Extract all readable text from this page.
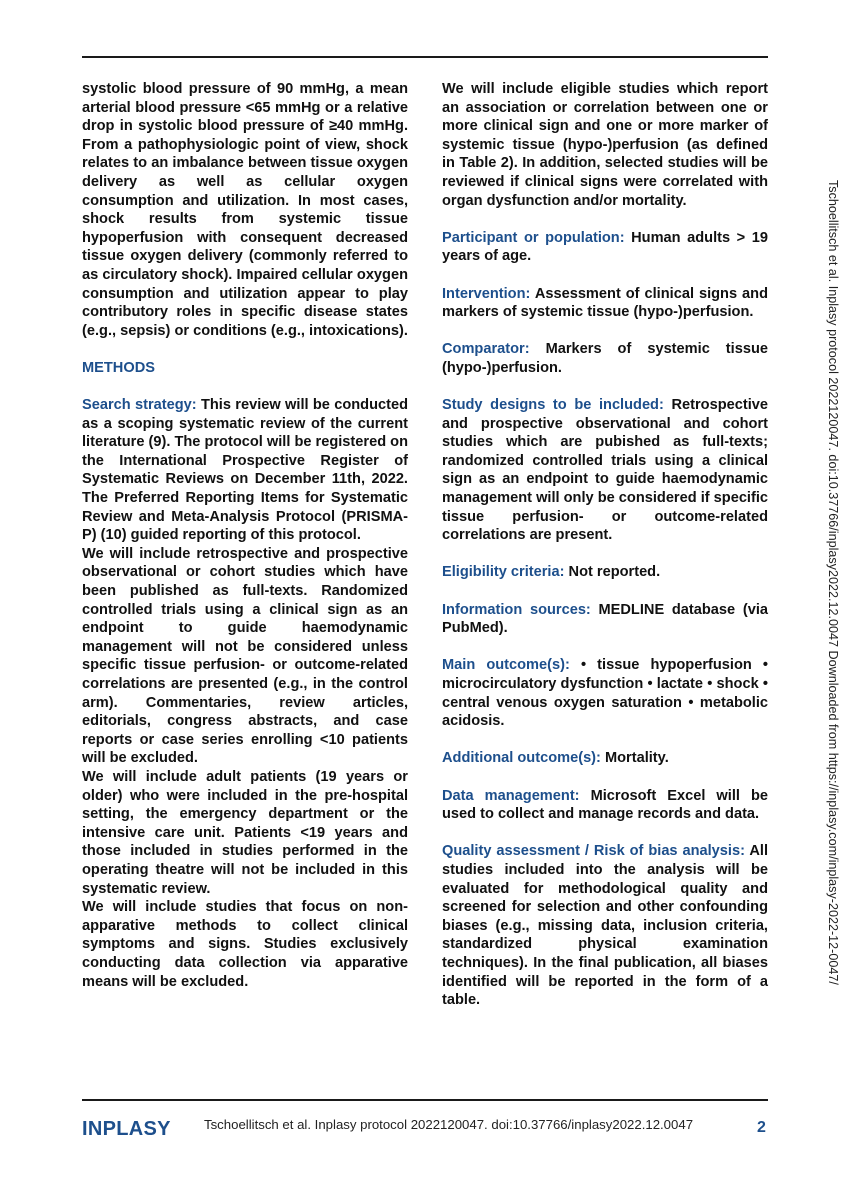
systolic blood pressure of 90 mmHg, a mean arterial blood pressure <65 mmHg or a relative drop in systolic blood pressure of ≥40 mmHg. From a pathophysiologic point of view, shock relates to an imbalance between tissue oxygen delivery as well as cellular oxygen consumption and utilization. In most cases, shock results from systemic tissue hypoperfusion with consequent decreased tissue oxygen delivery (commonly referred to as circulatory shock). Impaired cellular oxygen consumption and utilization appear to play contributory roles in specific disease states (e.g., sepsis) or conditions (e.g., intoxications).

METHODS

Search strategy: This review will be conducted as a scoping systematic review of the current literature (9). The protocol will be registered on the International Prospective Register of Systematic Reviews on December 11th, 2022. The Preferred Reporting Items for Systematic Review and Meta-Analysis Protocol (PRISMA-P) (10) guided reporting of this protocol.

We will include retrospective and prospective observational or cohort studies which have been published as full-texts. Randomized controlled trials using a clinical sign as an endpoint to guide haemodynamic management will not be considered unless specific tissue perfusion- or outcome-related correlations are presented (e.g., in the control arm). Commentaries, review articles, editorials, congress abstracts, and case reports or case series enrolling <10 patients will be excluded.

We will include adult patients (19 years or older) who were included in the pre-hospital setting, the emergency department or the intensive care unit. Patients <19 years and those included in studies performed in the operating theatre will not be included in this systematic review.

We will include studies that focus on non-apparative methods to collect clinical symptoms and signs. Studies exclusively conducting data collection via apparative means will be excluded.

We will include eligible studies which report an association or correlation between one or more clinical sign and one or more marker of systemic tissue (hypo-)perfusion (as defined in Table 2). In addition, selected studies will be reviewed if clinical signs were correlated with organ dysfunction and/or mortality.

Participant or population: Human adults > 19 years of age.

Intervention: Assessment of clinical signs and markers of systemic tissue (hypo-)perfusion.

Comparator: Markers of systemic tissue (hypo-)perfusion.

Study designs to be included: Retrospective and prospective observational and cohort studies which are pubished as full-texts; randomized controlled trials using a clinical sign as an endpoint to guide haemodynamic management will only be considered if specific tissue perfusion- or outcome-related correlations are present.

Eligibility criteria: Not reported.

Information sources: MEDLINE database (via PubMed).

Main outcome(s): • tissue hypoperfusion • microcirculatory dysfunction • lactate • shock • central venous oxygen saturation • metabolic acidosis.

Additional outcome(s): Mortality.

Data management: Microsoft Excel will be used to collect and manage records and data.

Quality assessment / Risk of bias analysis: All studies included into the analysis will be evaluated for methodological quality and screened for selection and other confounding biases (e.g., missing data, inclusion criteria, standardized physical examination techniques). In the final publication, all biases identified will be reported in the form of a table.

Tschoellitsch et al. Inplasy protocol 2022120047. doi:10.37766/inplasy2022.12.0047 Downloaded from https://inplasy.com/inplasy-2022-12-0047/
INPLASY	Tschoellitsch et al. Inplasy protocol 2022120047. doi:10.37766/inplasy2022.12.0047	2
